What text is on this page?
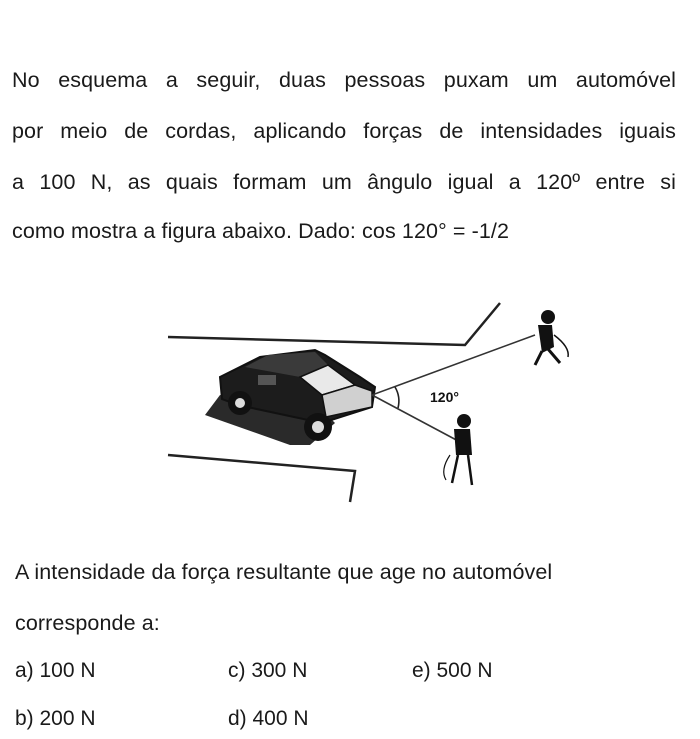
No esquema a seguir, duas pessoas puxam um automóvel
por meio de cordas, aplicando forças de intensidades iguais
a 100 N, as quais formam um ângulo igual a 120º entre si
como mostra a figura abaixo. Dado: cos 120° = -1/2
120°
A intensidade da força resultante que age no automóvel
corresponde a:
a) 100 N	c) 300 N	e) 500 N
b) 200 N	d) 400 N
